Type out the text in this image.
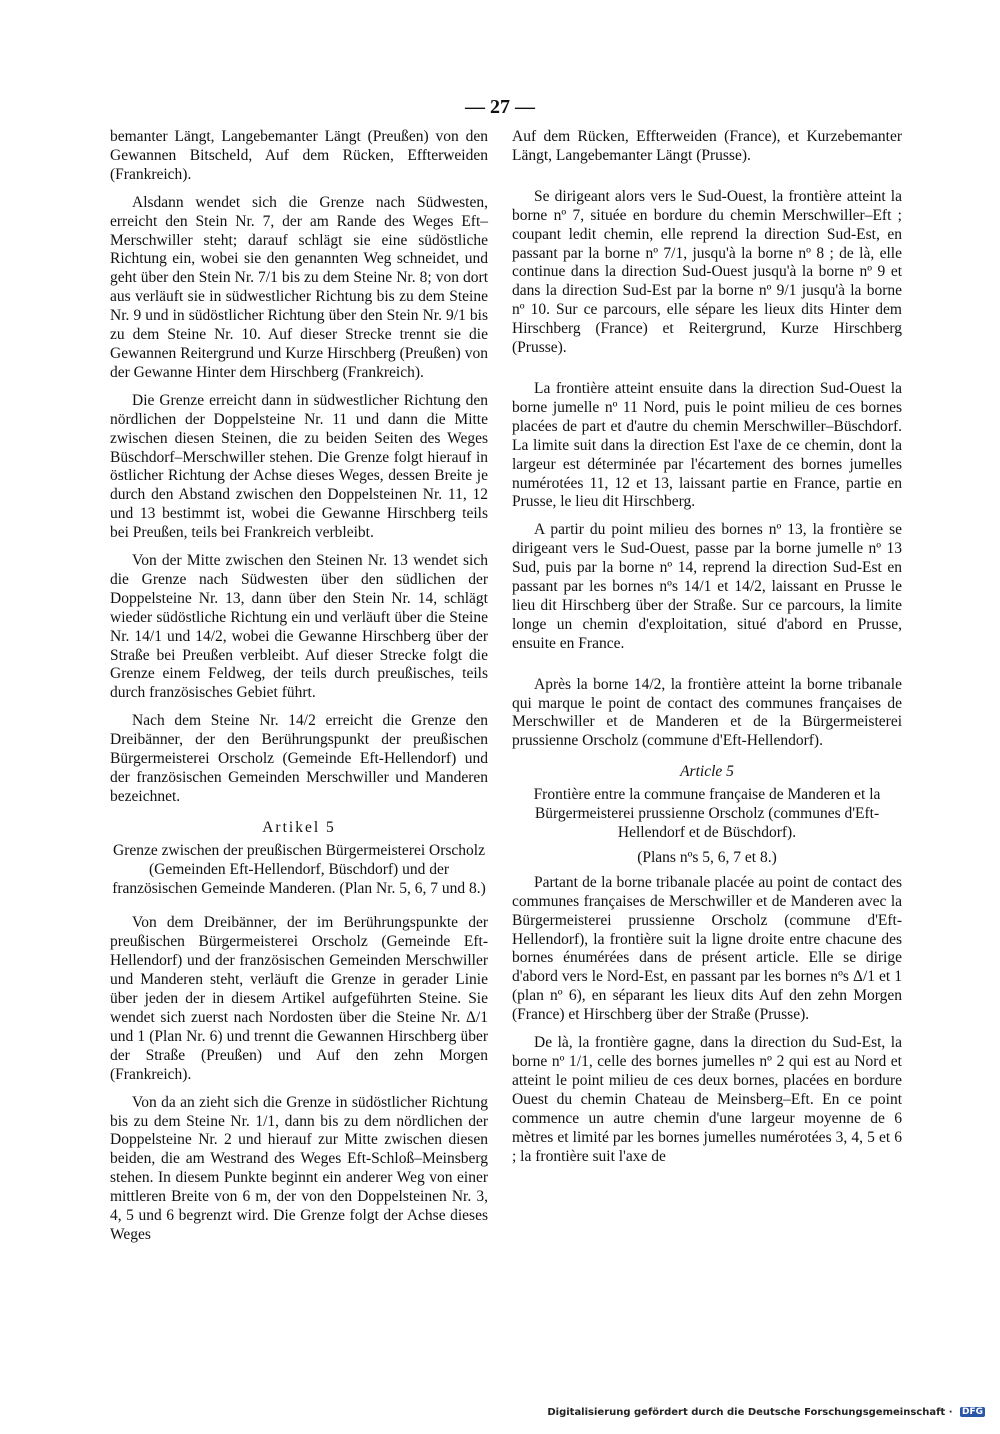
— 27 —

bemanter Längt, Langebemanter Längt (Preußen) von den Gewannen Bitscheld, Auf dem Rücken, Effterweiden (Frankreich).

Alsdann wendet sich die Grenze nach Südwesten, erreicht den Stein Nr. 7, der am Rande des Weges Eft–Merschwiller steht; darauf schlägt sie eine südöstliche Richtung ein, wobei sie den genannten Weg schneidet, und geht über den Stein Nr. 7/1 bis zu dem Steine Nr. 8; von dort aus verläuft sie in südwestlicher Richtung bis zu dem Steine Nr. 9 und in südöstlicher Richtung über den Stein Nr. 9/1 bis zu dem Steine Nr. 10. Auf dieser Strecke trennt sie die Gewannen Reitergrund und Kurze Hirschberg (Preußen) von der Gewanne Hinter dem Hirschberg (Frankreich).

Die Grenze erreicht dann in südwestlicher Richtung den nördlichen der Doppelsteine Nr. 11 und dann die Mitte zwischen diesen Steinen, die zu beiden Seiten des Weges Büschdorf–Merschwiller stehen. Die Grenze folgt hierauf in östlicher Richtung der Achse dieses Weges, dessen Breite je durch den Abstand zwischen den Doppelsteinen Nr. 11, 12 und 13 bestimmt ist, wobei die Gewanne Hirschberg teils bei Preußen, teils bei Frankreich verbleibt.

Von der Mitte zwischen den Steinen Nr. 13 wendet sich die Grenze nach Südwesten über den südlichen der Doppelsteine Nr. 13, dann über den Stein Nr. 14, schlägt wieder südöstliche Richtung ein und verläuft über die Steine Nr. 14/1 und 14/2, wobei die Gewanne Hirschberg über der Straße bei Preußen verbleibt. Auf dieser Strecke folgt die Grenze einem Feldweg, der teils durch preußisches, teils durch französisches Gebiet führt.

Nach dem Steine Nr. 14/2 erreicht die Grenze den Dreibänner, der den Berührungspunkt der preußischen Bürgermeisterei Orscholz (Gemeinde Eft-Hellendorf) und der französischen Gemeinden Merschwiller und Manderen bezeichnet.

Artikel 5
Grenze zwischen der preußischen Bürgermeisterei Orscholz (Gemeinden Eft-Hellendorf, Büschdorf) und der französischen Gemeinde Manderen. (Plan Nr. 5, 6, 7 und 8.)

Von dem Dreibänner, der im Berührungspunkte der preußischen Bürgermeisterei Orscholz (Gemeinde Eft-Hellendorf) und der französischen Gemeinden Merschwiller und Manderen steht, verläuft die Grenze in gerader Linie über jeden der in diesem Artikel aufgeführten Steine. Sie wendet sich zuerst nach Nordosten über die Steine Nr. Δ/1 und 1 (Plan Nr. 6) und trennt die Gewannen Hirschberg über der Straße (Preußen) und Auf den zehn Morgen (Frankreich).

Von da an zieht sich die Grenze in südöstlicher Richtung bis zu dem Steine Nr. 1/1, dann bis zu dem nördlichen der Doppelsteine Nr. 2 und hierauf zur Mitte zwischen diesen beiden, die am Westrand des Weges Eft-Schloß–Meinsberg stehen. In diesem Punkte beginnt ein anderer Weg von einer mittleren Breite von 6 m, der von den Doppelsteinen Nr. 3, 4, 5 und 6 begrenzt wird. Die Grenze folgt der Achse dieses Weges

Auf dem Rücken, Effterweiden (France), et Kurzebemanter Längt, Langebemanter Längt (Prusse).

Se dirigeant alors vers le Sud-Ouest, la frontière atteint la borne nº 7, située en bordure du chemin Merschwiller–Eft ; coupant ledit chemin, elle reprend la direction Sud-Est, en passant par la borne nº 7/1, jusqu'à la borne nº 8 ; de là, elle continue dans la direction Sud-Ouest jusqu'à la borne nº 9 et dans la direction Sud-Est par la borne nº 9/1 jusqu'à la borne nº 10. Sur ce parcours, elle sépare les lieux dits Hinter dem Hirschberg (France) et Reitergrund, Kurze Hirschberg (Prusse).

La frontière atteint ensuite dans la direction Sud-Ouest la borne jumelle nº 11 Nord, puis le point milieu de ces bornes placées de part et d'autre du chemin Merschwiller–Büschdorf. La limite suit dans la direction Est l'axe de ce chemin, dont la largeur est déterminée par l'écartement des bornes jumelles numérotées 11, 12 et 13, laissant partie en France, partie en Prusse, le lieu dit Hirschberg.

A partir du point milieu des bornes nº 13, la frontière se dirigeant vers le Sud-Ouest, passe par la borne jumelle nº 13 Sud, puis par la borne nº 14, reprend la direction Sud-Est en passant par les bornes nºs 14/1 et 14/2, laissant en Prusse le lieu dit Hirschberg über der Straße. Sur ce parcours, la limite longe un chemin d'exploitation, situé d'abord en Prusse, ensuite en France.

Après la borne 14/2, la frontière atteint la borne tribanale qui marque le point de contact des communes françaises de Merschwiller et de Manderen et de la Bürgermeisterei prussienne Orscholz (commune d'Eft-Hellendorf).

Article 5
Frontière entre la commune française de Manderen et la Bürgermeisterei prussienne Orscholz (communes d'Eft-Hellendorf et de Büschdorf).
(Plans nºs 5, 6, 7 et 8.)

Partant de la borne tribanale placée au point de contact des communes françaises de Merschwiller et de Manderen avec la Bürgermeisterei prussienne Orscholz (commune d'Eft-Hellendorf), la frontière suit la ligne droite entre chacune des bornes énumérées dans de présent article. Elle se dirige d'abord vers le Nord-Est, en passant par les bornes nºs Δ/1 et 1 (plan nº 6), en séparant les lieux dits Auf den zehn Morgen (France) et Hirschberg über der Straße (Prusse).

De là, la frontière gagne, dans la direction du Sud-Est, la borne nº 1/1, celle des bornes jumelles nº 2 qui est au Nord et atteint le point milieu de ces deux bornes, placées en bordure Ouest du chemin Chateau de Meinsberg–Eft. En ce point commence un autre chemin d'une largeur moyenne de 6 mètres et limité par les bornes jumelles numérotées 3, 4, 5 et 6 ; la frontière suit l'axe de

Digitalisierung gefördert durch die Deutsche Forschungsgemeinschaft · DFG
